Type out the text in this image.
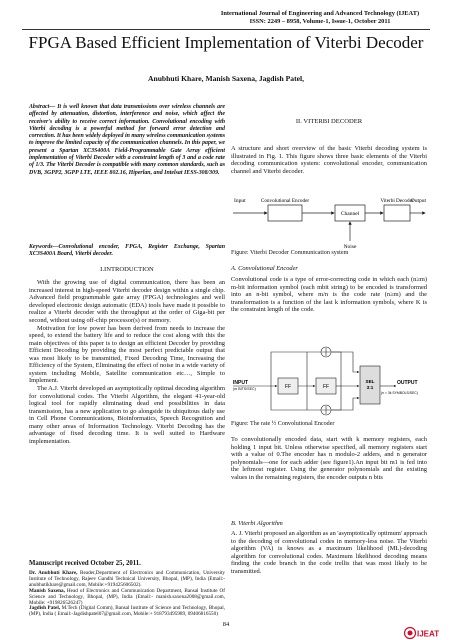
International Journal of Engineering and Advanced Technology (IJEAT)
ISSN: 2249 – 8958, Volume-1, Issue-1, October 2011
FPGA Based Efficient Implementation of Viterbi Decoder
Anubhuti Khare, Manish Saxena, Jagdish Patel,
Abstract— It is well known that data transmissions over wireless channels are affected by attenuation, distortion, interference and noise, which affect the receiver's ability to receive correct information. Convolutional encoding with Viterbi decoding is a powerful method for forward error detection and correction. It has been widely deployed in many wireless communication systems to improve the limited capacity of the communication channels. In this paper, we present a Spartan XC3S400A Field-Programmable Gate Array efficient implementation of Viterbi Decoder with a constraint length of 3 and a code rate of 1/3. The Viterbi Decoder is compatible with many common standards, such as DVB, 3GPP2, 3GPP LTE, IEEE 802.16, Hiperlan, and Intelsat IESS-308/309.
Keywords—Convolutional encoder, FPGA, Register Exchange, Spartan XC3S400A Board, Viterbi decoder.
I.INTRODUCTION

With the growing use of digital communication, there has been an increased interest in high-speed Viterbi decoder design within a single chip. Advanced field programmable gate array (FPGA) technologies and well developed electronic design automatic (EDA) tools have made it possible to realize a Viterbi decoder with the throughput at the order of Giga-bit per second, without using off-chip processor(s) or memory.

Motivation for low power has been derived from needs to increase the speed, to extend the battery life and to reduce the cost along with this the main objectives of this paper is to design an efficient Decoder by providing Efficient Decoding by providing the most perfect predictable output that was most likely to be transmitted, Fixed Decoding Time, Increasing the Efficiency of the System, Eliminating the effect of noise in a wide variety of system including Mobile, Satellite communication etc…, Simple to Implement.

The A.J. Viterbi developed an asymptotically optimal decoding algorithm for convolutional codes. The Viterbi Algorithm, the elegant 41-year-old logical tool for rapidly eliminating dead end possibilities in data transmission, has a new application to go alongside its ubiquitous daily use in Cell Phone Communications, Bioinformatics, Speech Recognition and many other areas of Information Technology. Viterbi Decoding has the advantage of fixed decoding time. It is well suited to Hardware implementation.

Manuscript received October 25, 2011.
Dr. Anubhuti Khare, Reader,Department of Electronics and Communication, University Institute of Technology, Rajeev Gandhi Technical University, Bhopal, (MP), India (Email:-anubhutikhare@gmail.com, Mobile:+919425606502).
Manish Saxena, Head of Electronics and Communication Department, Bansal Institute Of Science and Technology, Bhopal, (MP), India (Email:- manish.saxena2008@gmail.com, Mobile: +919826526247)
Jagdish Patel, M.Tech (Digital Comm), Bansal Institute of Science and Technology, Bhopal, (MP), India ( Email:-Jagdishpatel07@gmail.com, Mobile:+ 918793495989, 09406816550)
II. VITERBI DECODER
A structure and short overview of the basic Viterbi decoding system is illustrated in Fig. 1. This figure shows three basic elements of the Viterbi decoding communication system: convolutional encoder, communication channel and Viterbi decoder.
Input	Convolutional Encoder
Channel
Noise
Viterbi Decoder
Output
Figure: Viterbi Decoder Communication system
A. Convolutional Encoder
Convolutional code is a type of error-correcting code in which each (n≥m) m-bit information symbol (each mbit string) to be encoded is transformed into an n-bit symbol, where m/n is the code rate (n≥m) and the transformation is a function of the last k information symbols, where K is the constraint length of the code.
INPUT
(m BITS/SEC)	FF	FF
SEL
3:1
OUTPUT
(n = 3k SYMBOLS/SEC)
Figure: The rate ½ Convolutional Encoder
To convolutionally encoded data, start with k memory registers, each holding 1 input bit. Unless otherwise specified, all memory registers start with a value of 0.The encoder has n modulo-2 adders, and n generator polynomials—one for each adder (see figure1).An input bit m1 is fed into the leftmost register. Using the generator polynomials and the existing values in the remaining registers, the encoder outputs n bits
B. Viterbi Algorithm
A. J. Viterbi proposed an algorithm as an 'asymptotically optimum' approach to the decoding of convolutional codes in memory-less noise. The Viterbi algorithm (VA) is knows as a maximum likelihood (ML)-decoding algorithm for convolutional codes. Maximum likelihood decoding means finding the code branch in the code trellis that was most likely to be transmitted.
84
IJEAT
